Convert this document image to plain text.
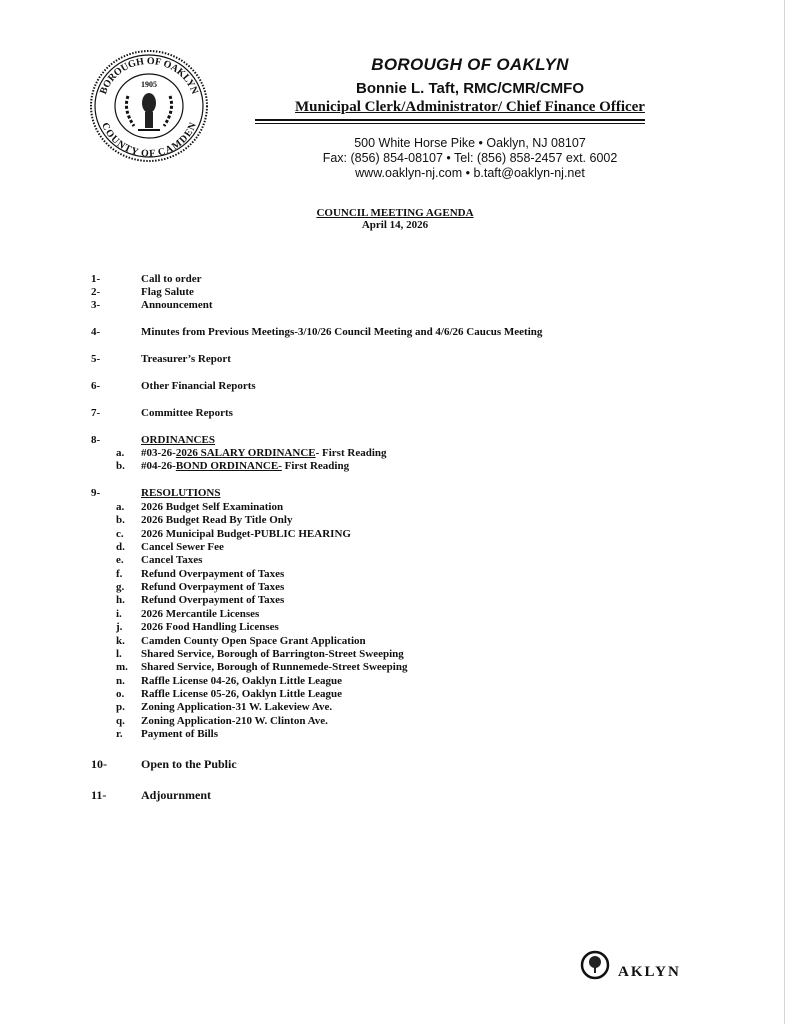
BOROUGH OF OAKLYN
COUNTY OF CAMDEN
1905
BOROUGH OF OAKLYN
Bonnie L. Taft, RMC/CMR/CMFO
Municipal Clerk/Administrator/ Chief Finance Officer
500 White Horse Pike • Oaklyn, NJ 08107
Fax: (856) 854-08107 • Tel: (856) 858-2457 ext. 6002
www.oaklyn-nj.com • b.taft@oaklyn-nj.net
COUNCIL MEETING AGENDA
April 14, 2026
1-	Call to order
2-	Flag Salute
3-	Announcement
4-	Minutes from Previous Meetings-3/10/26 Council Meeting and 4/6/26 Caucus Meeting
5-	Treasurer’s Report
6-	Other Financial Reports
7-	Committee Reports
8-	ORDINANCES
a. #03-26-2026 SALARY ORDINANCE- First Reading
b. #04-26-BOND ORDINANCE- First Reading
9-	RESOLUTIONS
a. 2026 Budget Self Examination
b. 2026 Budget Read By Title Only
c. 2026 Municipal Budget-PUBLIC HEARING
d. Cancel Sewer Fee
e. Cancel Taxes
f. Refund Overpayment of Taxes
g. Refund Overpayment of Taxes
h. Refund Overpayment of Taxes
i. 2026 Mercantile Licenses
j. 2026 Food Handling Licenses
k. Camden County Open Space Grant Application
l. Shared Service, Borough of Barrington-Street Sweeping
m. Shared Service, Borough of Runnemede-Street Sweeping
n. Raffle License 04-26, Oaklyn Little League
o. Raffle License 05-26, Oaklyn Little League
p. Zoning Application-31 W. Lakeview Ave.
q. Zoning Application-210 W. Clinton Ave.
r. Payment of Bills
10-	Open to the Public
11-	Adjournment
AKLYN
